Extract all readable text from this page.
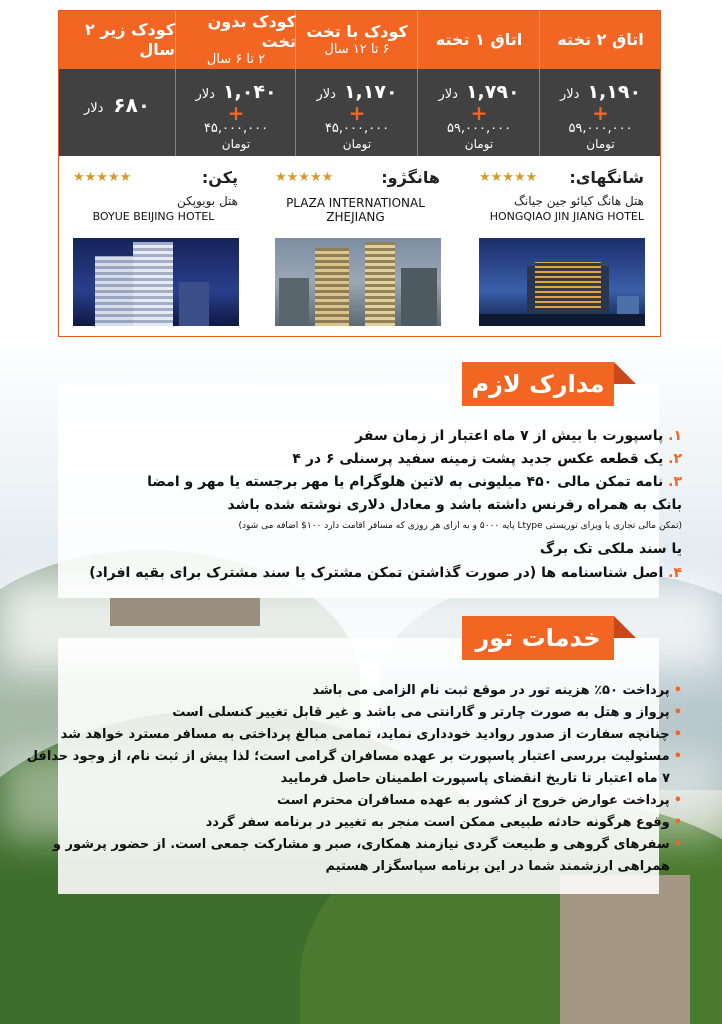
اتاق ۲ تخته
۱,۱۹۰دلار
+
۵۹,۰۰۰,۰۰۰
تومان
اتاق ۱ تخته
۱,۷۹۰دلار
+
۵۹,۰۰۰,۰۰۰
تومان
کودک با تخت
۶ تا ۱۲ سال
۱,۱۷۰دلار
+
۴۵,۰۰۰,۰۰۰
تومان
کودک بدون تخت
۲ تا ۶ سال
۱,۰۴۰دلار
+
۴۵,۰۰۰,۰۰۰
تومان
کودک زیر ۲ سال
۶۸۰دلار
شانگهای:
★★★★★
هتل هانگ کیائو جین جیانگ
HONGQIAO JIN JIANG HOTEL
هانگژو:
★★★★★
PLAZA INTERNATIONAL ZHEJIANG
پکن:
★★★★★
هتل بویوپکن
BOYUE BEIJING HOTEL
مدارک لازم
۱. پاسپورت با بیش از ۷ ماه اعتبار از زمان سفر
۲. یک قطعه عکس جدید پشت زمینه سفید پرسنلی ۶ در ۴
۳. نامه تمکن مالی ۴۵۰ میلیونی به لاتین هلوگرام یا مهر برجسته یا مهر و امضا
بانک به همراه رفرنس داشته باشد و معادل دلاری نوشته شده باشد
(تمکن مالی تجاری یا ویزای توریستی Ltype پایه ۵۰۰۰ و به ازای هر روزی که مسافر اقامت دارد ۱۰۰$ اضافه می شود)
یا سند ملکی تک برگ
۴. اصل شناسنامه ها (در صورت گذاشتن تمکن مشترک یا سند مشترک برای بقیه افراد)
خدمات تور
•پرداخت ۵۰٪ هزینه تور در موقع ثبت نام الزامی می باشد
•پرواز و هتل به صورت چارتر و گارانتی می باشد و غیر قابل تغییر کنسلی است
•چنانچه سفارت از صدور روادید خودداری نماید، تمامی مبالغ پرداختی به مسافر مسترد خواهد شد
•مسئولیت بررسی اعتبار پاسپورت بر عهده مسافران گرامی است؛ لذا پیش از ثبت نام، از وجود حداقل
۷ ماه اعتبار تا تاریخ انقضای پاسپورت اطمینان حاصل فرمایید
•پرداخت عوارض خروج از کشور به عهده مسافران محترم است
•وقوع هرگونه حادثه طبیعی ممکن است منجر به تغییر در برنامه سفر گردد
•سفرهای گروهی و طبیعت گردی نیازمند همکاری، صبر و مشارکت جمعی است. از حضور پرشور و
همراهی ارزشمند شما در این برنامه سپاسگزار هستیم
